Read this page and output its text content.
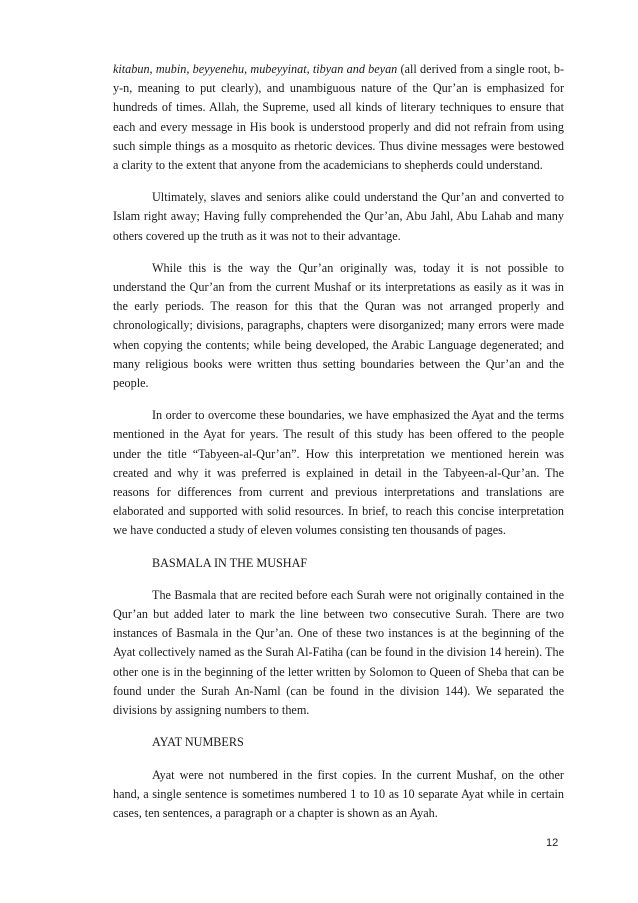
kitabun, mubin, beyyenehu, mubeyyinat, tibyan and beyan (all derived from a single root, b-y-n, meaning to put clearly), and unambiguous nature of the Qur’an is emphasized for hundreds of times. Allah, the Supreme, used all kinds of literary techniques to ensure that each and every message in His book is understood properly and did not refrain from using such simple things as a mosquito as rhetoric devices. Thus divine messages were bestowed a clarity to the extent that anyone from the academicians to shepherds could understand.

Ultimately, slaves and seniors alike could understand the Qur’an and converted to Islam right away; Having fully comprehended the Qur’an, Abu Jahl, Abu Lahab and many others covered up the truth as it was not to their advantage.

While this is the way the Qur’an originally was, today it is not possible to understand the Qur’an from the current Mushaf or its interpretations as easily as it was in the early periods. The reason for this that the Quran was not arranged properly and chronologically; divisions, paragraphs, chapters were disorganized; many errors were made when copying the contents; while being developed, the Arabic Language degenerated; and many religious books were written thus setting boundaries between the Qur’an and the people.

In order to overcome these boundaries, we have emphasized the Ayat and the terms mentioned in the Ayat for years. The result of this study has been offered to the people under the title “Tabyeen-al-Qur’an”. How this interpretation we mentioned herein was created and why it was preferred is explained in detail in the Tabyeen-al-Qur’an. The reasons for differences from current and previous interpretations and translations are elaborated and supported with solid resources. In brief, to reach this concise interpretation we have conducted a study of eleven volumes consisting ten thousands of pages.

BASMALA IN THE MUSHAF

The Basmala that are recited before each Surah were not originally contained in the Qur’an but added later to mark the line between two consecutive Surah. There are two instances of Basmala in the Qur’an. One of these two instances is at the beginning of the Ayat collectively named as the Surah Al-Fatiha (can be found in the division 14 herein). The other one is in the beginning of the letter written by Solomon to Queen of Sheba that can be found under the Surah An-Naml (can be found in the division 144). We separated the divisions by assigning numbers to them.

AYAT NUMBERS

Ayat were not numbered in the first copies. In the current Mushaf, on the other hand, a single sentence is sometimes numbered 1 to 10 as 10 separate Ayat while in certain cases, ten sentences, a paragraph or a chapter is shown as an Ayah.

12
